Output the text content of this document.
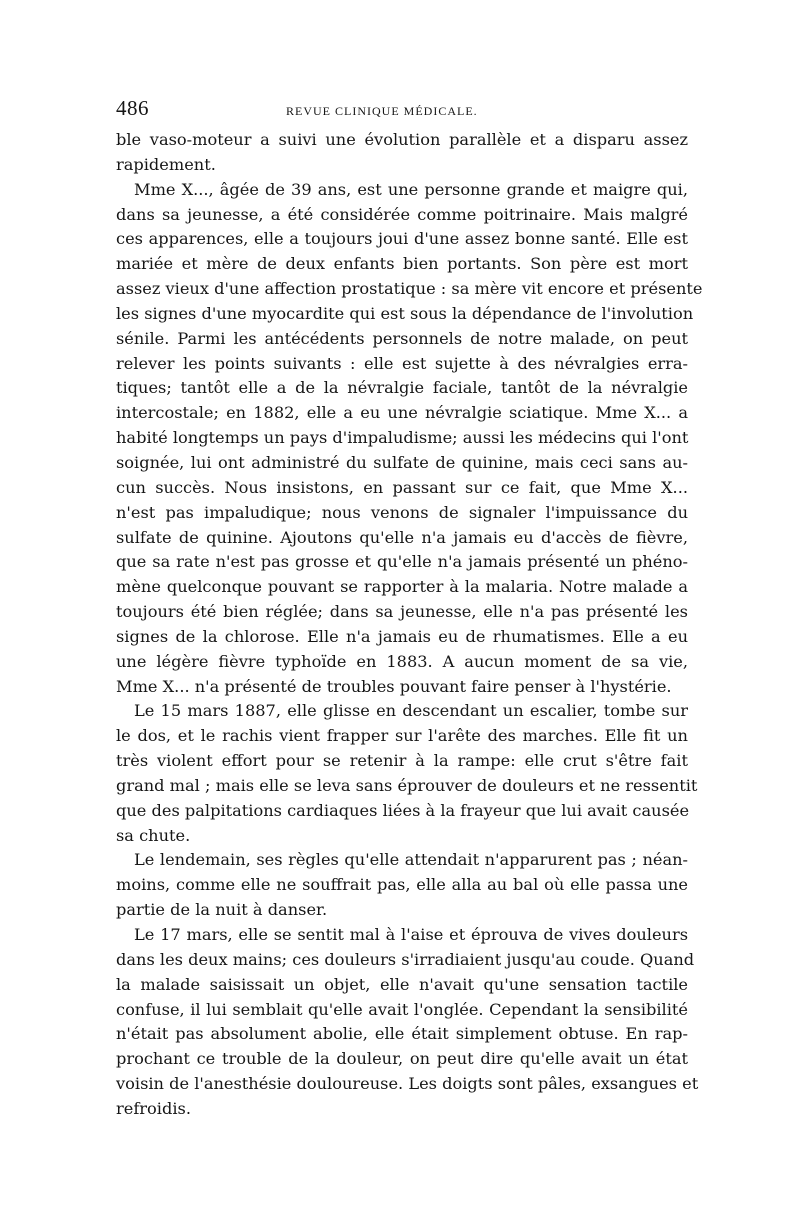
486	REVUE CLINIQUE MÉDICALE.
ble vaso-moteur a suivi une évolution parallèle et a disparu assez
rapidement.
Mme X..., âgée de 39 ans, est une personne grande et maigre qui,
dans sa jeunesse, a été considérée comme poitrinaire. Mais malgré
ces apparences, elle a toujours joui d'une assez bonne santé. Elle est
mariée et mère de deux enfants bien portants. Son père est mort
assez vieux d'une affection prostatique : sa mère vit encore et présente
les signes d'une myocardite qui est sous la dépendance de l'involution
sénile. Parmi les antécédents personnels de notre malade, on peut
relever les points suivants : elle est sujette à des névralgies erra-
tiques; tantôt elle a de la névralgie faciale, tantôt de la névralgie
intercostale; en 1882, elle a eu une névralgie sciatique. Mme X... a
habité longtemps un pays d'impaludisme; aussi les médecins qui l'ont
soignée, lui ont administré du sulfate de quinine, mais ceci sans au-
cun succès. Nous insistons, en passant sur ce fait, que Mme X...
n'est pas impaludique; nous venons de signaler l'impuissance du
sulfate de quinine. Ajoutons qu'elle n'a jamais eu d'accès de fièvre,
que sa rate n'est pas grosse et qu'elle n'a jamais présenté un phéno-
mène quelconque pouvant se rapporter à la malaria. Notre malade a
toujours été bien réglée; dans sa jeunesse, elle n'a pas présenté les
signes de la chlorose. Elle n'a jamais eu de rhumatismes. Elle a eu
une légère fièvre typhoïde en 1883. A aucun moment de sa vie,
Mme X... n'a présenté de troubles pouvant faire penser à l'hystérie.
Le 15 mars 1887, elle glisse en descendant un escalier, tombe sur
le dos, et le rachis vient frapper sur l'arête des marches. Elle fit un
très violent effort pour se retenir à la rampe: elle crut s'être fait
grand mal ; mais elle se leva sans éprouver de douleurs et ne ressentit
que des palpitations cardiaques liées à la frayeur que lui avait causée
sa chute.
Le lendemain, ses règles qu'elle attendait n'apparurent pas ; néan-
moins, comme elle ne souffrait pas, elle alla au bal où elle passa une
partie de la nuit à danser.
Le 17 mars, elle se sentit mal à l'aise et éprouva de vives douleurs
dans les deux mains; ces douleurs s'irradiaient jusqu'au coude. Quand
la malade saisissait un objet, elle n'avait qu'une sensation tactile
confuse, il lui semblait qu'elle avait l'onglée. Cependant la sensibilité
n'était pas absolument abolie, elle était simplement obtuse. En rap-
prochant ce trouble de la douleur, on peut dire qu'elle avait un état
voisin de l'anesthésie douloureuse. Les doigts sont pâles, exsangues et
refroidis.
